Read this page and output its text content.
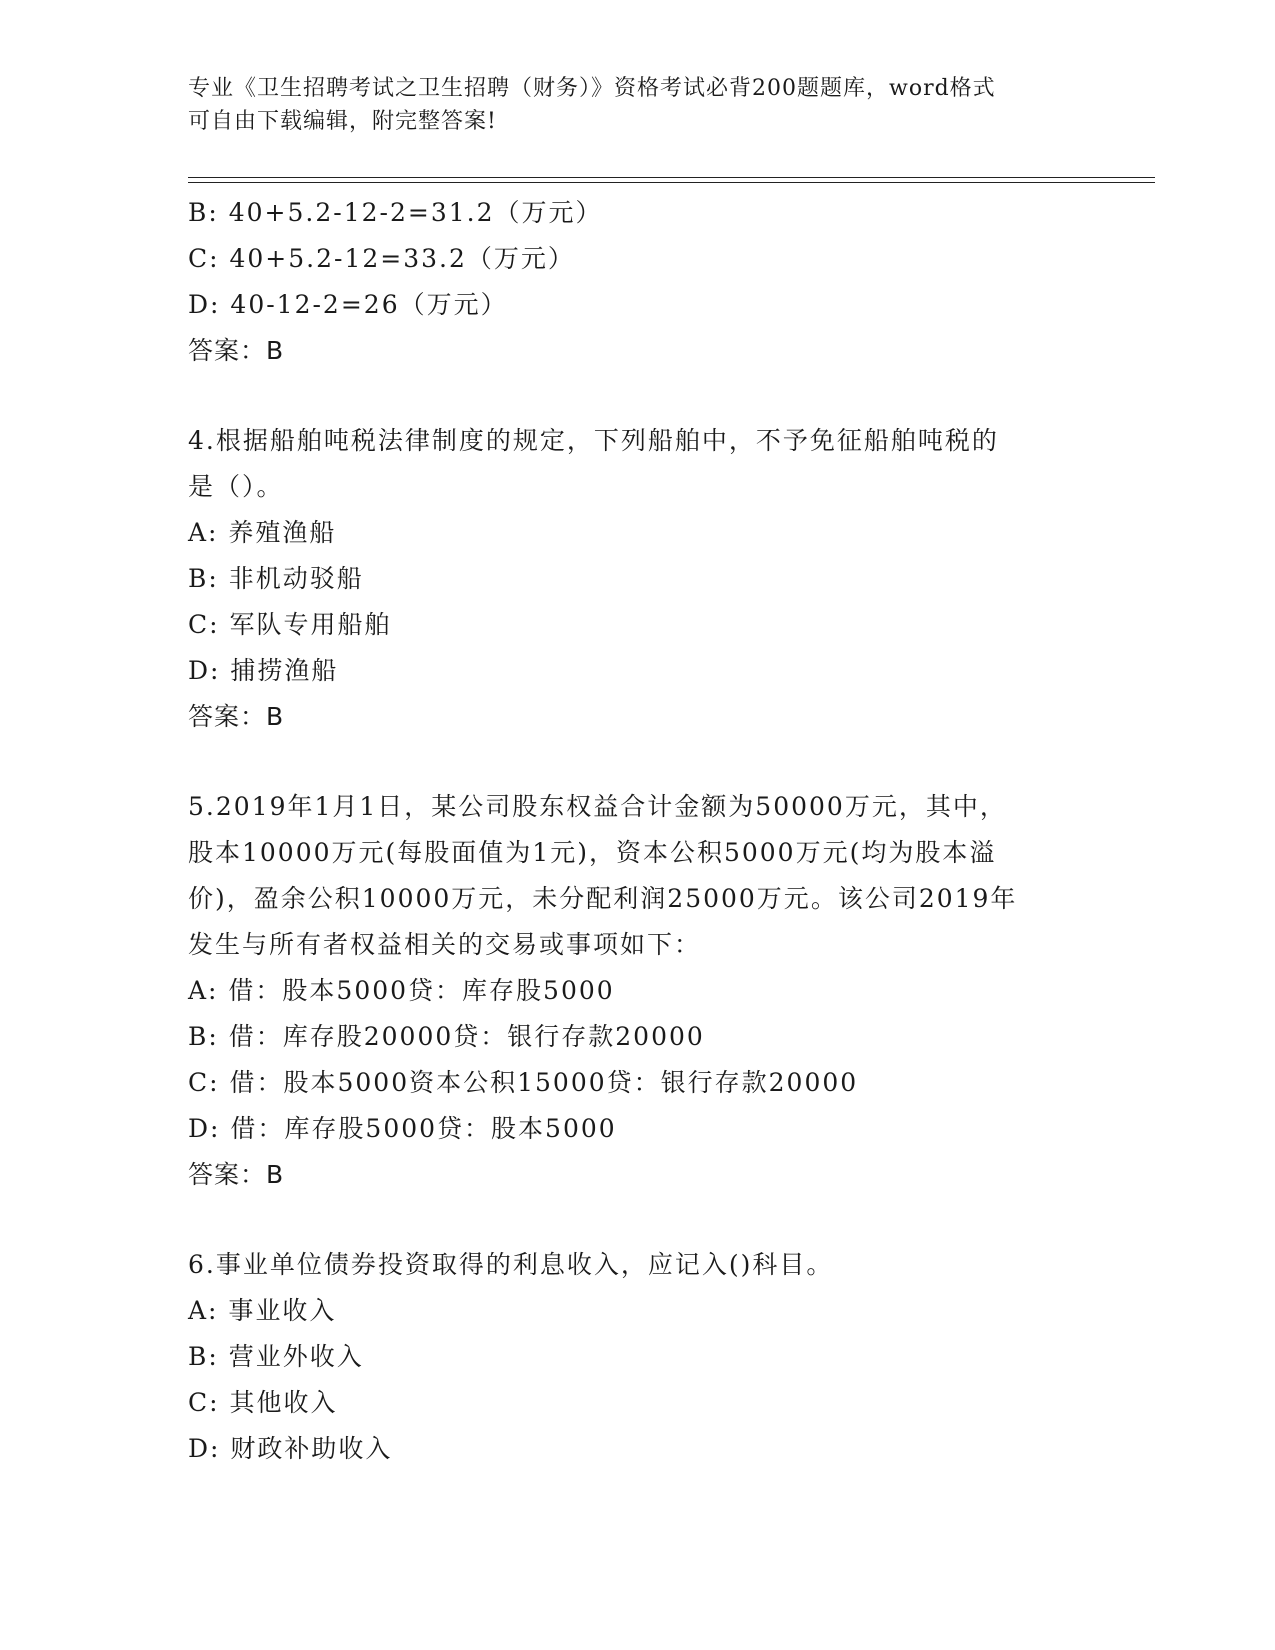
专业《卫生招聘考试之卫生招聘（财务）》资格考试必背200题题库，word格式
可自由下载编辑，附完整答案!
B: 40+5.2-12-2=31.2（万元）
C: 40+5.2-12=33.2（万元）
D: 40-12-2=26（万元）
答案：B
4.根据船舶吨税法律制度的规定，下列船舶中，不予免征船舶吨税的
是（）。
A: 养殖渔船
B: 非机动驳船
C: 军队专用船舶
D: 捕捞渔船
答案：B
5.2019年1月1日，某公司股东权益合计金额为50000万元，其中，
股本10000万元(每股面值为1元)，资本公积5000万元(均为股本溢
价)，盈余公积10000万元，未分配利润25000万元。该公司2019年
发生与所有者权益相关的交易或事项如下：
A: 借：股本5000贷：库存股5000
B: 借：库存股20000贷：银行存款20000
C: 借：股本5000资本公积15000贷：银行存款20000
D: 借：库存股5000贷：股本5000
答案：B
6.事业单位债券投资取得的利息收入，应记入()科目。
A: 事业收入
B: 营业外收入
C: 其他收入
D: 财政补助收入
